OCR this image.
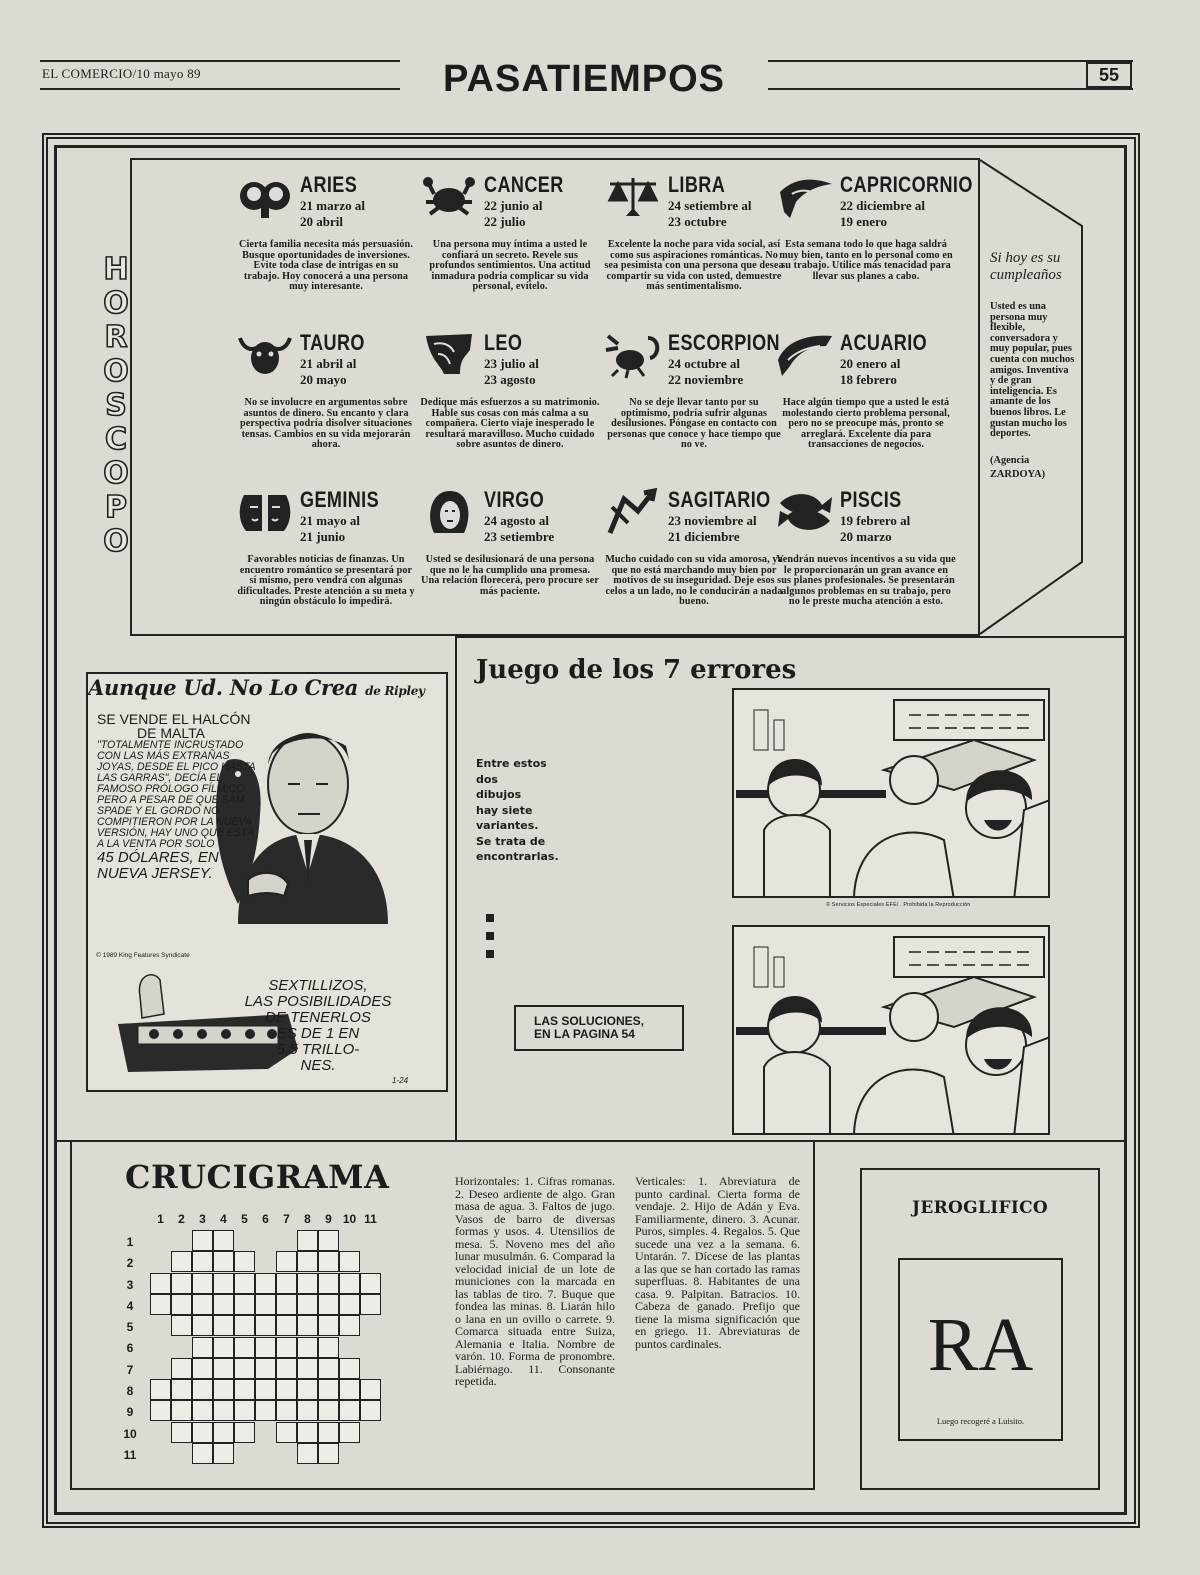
EL COMERCIO/10 mayo 89	PASATIEMPOS	55
H
O
R
O
S
C
O
P
O
ARIES
21 marzo al
20 abril
Cierta familia necesita más persuasión. Busque oportunidades de inversiones. Evite toda clase de intrigas en su trabajo. Hoy conocerá a una persona muy interesante.
CANCER
22 junio al
22 julio
Una persona muy íntima a usted le confiará un secreto. Revele sus profundos sentimientos. Una actitud inmadura podría complicar su vida personal, evítelo.
LIBRA
24 setiembre al
23 octubre
Excelente la noche para vida social, así como sus aspiraciones románticas. No sea pesimista con una persona que desea compartir su vida con usted, demuestre más sentimentalismo.
CAPRICORNIO
22 diciembre al
19 enero
Esta semana todo lo que haga saldrá muy bien, tanto en lo personal como en su trabajo. Utilice más tenacidad para llevar sus planes a cabo.
TAURO
21 abril al
20 mayo
No se involucre en argumentos sobre asuntos de dinero. Su encanto y clara perspectiva podría disolver situaciones tensas. Cambios en su vida mejorarán ahora.
LEO
23 julio al
23 agosto
Dedique más esfuerzos a su matrimonio. Hable sus cosas con más calma a su compañera. Cierto viaje inesperado le resultará maravilloso. Mucho cuidado sobre asuntos de dinero.
ESCORPION
24 octubre al
22 noviembre
No se deje llevar tanto por su optimismo, podría sufrir algunas desilusiones. Póngase en contacto con personas que conoce y hace tiempo que no ve.
ACUARIO
20 enero al
18 febrero
Hace algún tiempo que a usted le está molestando cierto problema personal, pero no se preocupe más, pronto se arreglará. Excelente día para transacciones de negocios.
GEMINIS
21 mayo al
21 junio
Favorables noticias de finanzas. Un encuentro romántico se presentará por sí mismo, pero vendrá con algunas dificultades. Preste atención a su meta y ningún obstáculo lo impedirá.
VIRGO
24 agosto al
23 setiembre
Usted se desilusionará de una persona que no le ha cumplido una promesa. Una relación florecerá, pero procure ser más paciente.
SAGITARIO
23 noviembre al
21 diciembre
Mucho cuidado con su vida amorosa, ya que no está marchando muy bien por motivos de su inseguridad. Deje esos celos a un lado, no le conducirán a nada bueno.
PISCIS
19 febrero al
20 marzo
Vendrán nuevos incentivos a su vida que le proporcionarán un gran avance en sus planes profesionales. Se presentarán algunos problemas en su trabajo, pero no le preste mucha atención a esto.
Si hoy es su
cumpleaños
Usted es una persona muy flexible, conversadora y muy popular, pues cuenta con muchos amigos. Inventiva y de gran inteligencia. Es amante de los buenos libros. Le gustan mucho los deportes.
(Agencia
ZARDOYA)
Aunque Ud. No Lo Crea de Ripley
SE VENDE EL HALCÓN
DE MALTA
"TOTALMENTE INCRUSTADO CON LAS MÁS EXTRAÑAS JOYAS, DESDE EL PICO HASTA LAS GARRAS", DECÍA EL FAMOSO PRÓLOGO FÍLMICO. PERO A PESAR DE QUE SAM SPADE Y EL GORDO NO COMPITIERON POR LA NUEVA VERSIÓN, HAY UNO QUE ESTÁ A LA VENTA POR SOLO
45 DÓLARES, EN NUEVA JERSEY.
© 1989 King Features Syndicate
SEXTILLIZOS,
LAS POSIBILIDADES
DE TENERLOS
ES DE 1 EN
5,5 TRILLO-
NES.
1-24
Juego de los 7 errores
Entre estos
dos
dibujos
hay siete
variantes.
Se trata de
encontrarlas.
LAS SOLUCIONES,
EN LA PAGINA 54
© Servicios Especiales EFE/ . Prohibida la Reproducción
CRUCIGRAMA
1	2	3	4	5	6	7	8	9 10 11
1
2
3
4
5
6
7
8
9
10
11
Horizontales: 1. Cifras romanas. 2. Deseo ardiente de algo. Gran masa de agua. 3. Faltos de jugo. Vasos de barro de diversas formas y usos. 4. Utensilios de mesa. 5. Noveno mes del año lunar musulmán. 6. Comparad la velocidad inicial de un lote de municiones con la marcada en las tablas de tiro. 7. Buque que fondea las minas. 8. Liarán hilo o lana en un ovillo o carrete. 9. Comarca situada entre Suiza, Alemania e Italia. Nombre de varón. 10. Forma de pronombre. Labiérnago. 11. Consonante repetida.
Verticales: 1. Abreviatura de punto cardinal. Cierta forma de vendaje. 2. Hijo de Adán y Eva. Familiarmente, dinero. 3. Acunar. Puros, simples. 4. Regalos. 5. Que sucede una vez a la semana. 6. Untarán. 7. Dícese de las plantas a las que se han cortado las ramas superfluas. 8. Habitantes de una casa. 9. Palpitan. Batracios. 10. Cabeza de ganado. Prefijo que tiene la misma significación que en griego. 11. Abreviaturas de puntos cardinales.
JEROGLIFICO
RA
Luego recogeré a Luisito.
